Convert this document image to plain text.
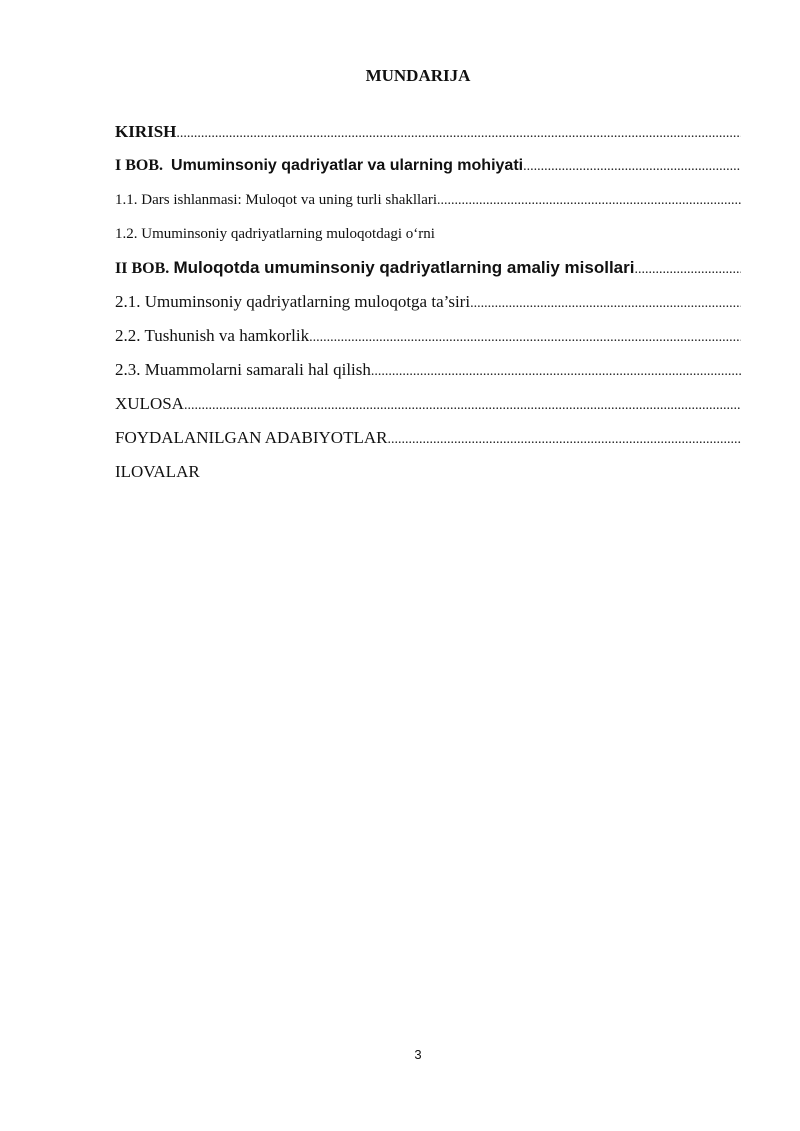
MUNDARIJA
KIRISH
.....
I BOB . Umuminsoniy qadriyatlar va ularning mohiyati
.....
1.1. Dars ishlanmasi: Muloqot va uning turli shakllari
.....
1.2. Umuminsoniy qadriyatlarning muloqotdagi o‘rni
II BOB.
Muloqotda umuminsoniy qadriyatlarning amaliy misollari
.....
2.1. Umuminsoniy qadriyatlarning muloqotga ta’siri
.....
2.2. Tushunish va hamkorlik
.....
2.3. Muammolarni samarali hal qilish
.....
XULOSA
.....
FOYDALANILGAN ADABIYOTLAR
.....
ILOVALAR
3
